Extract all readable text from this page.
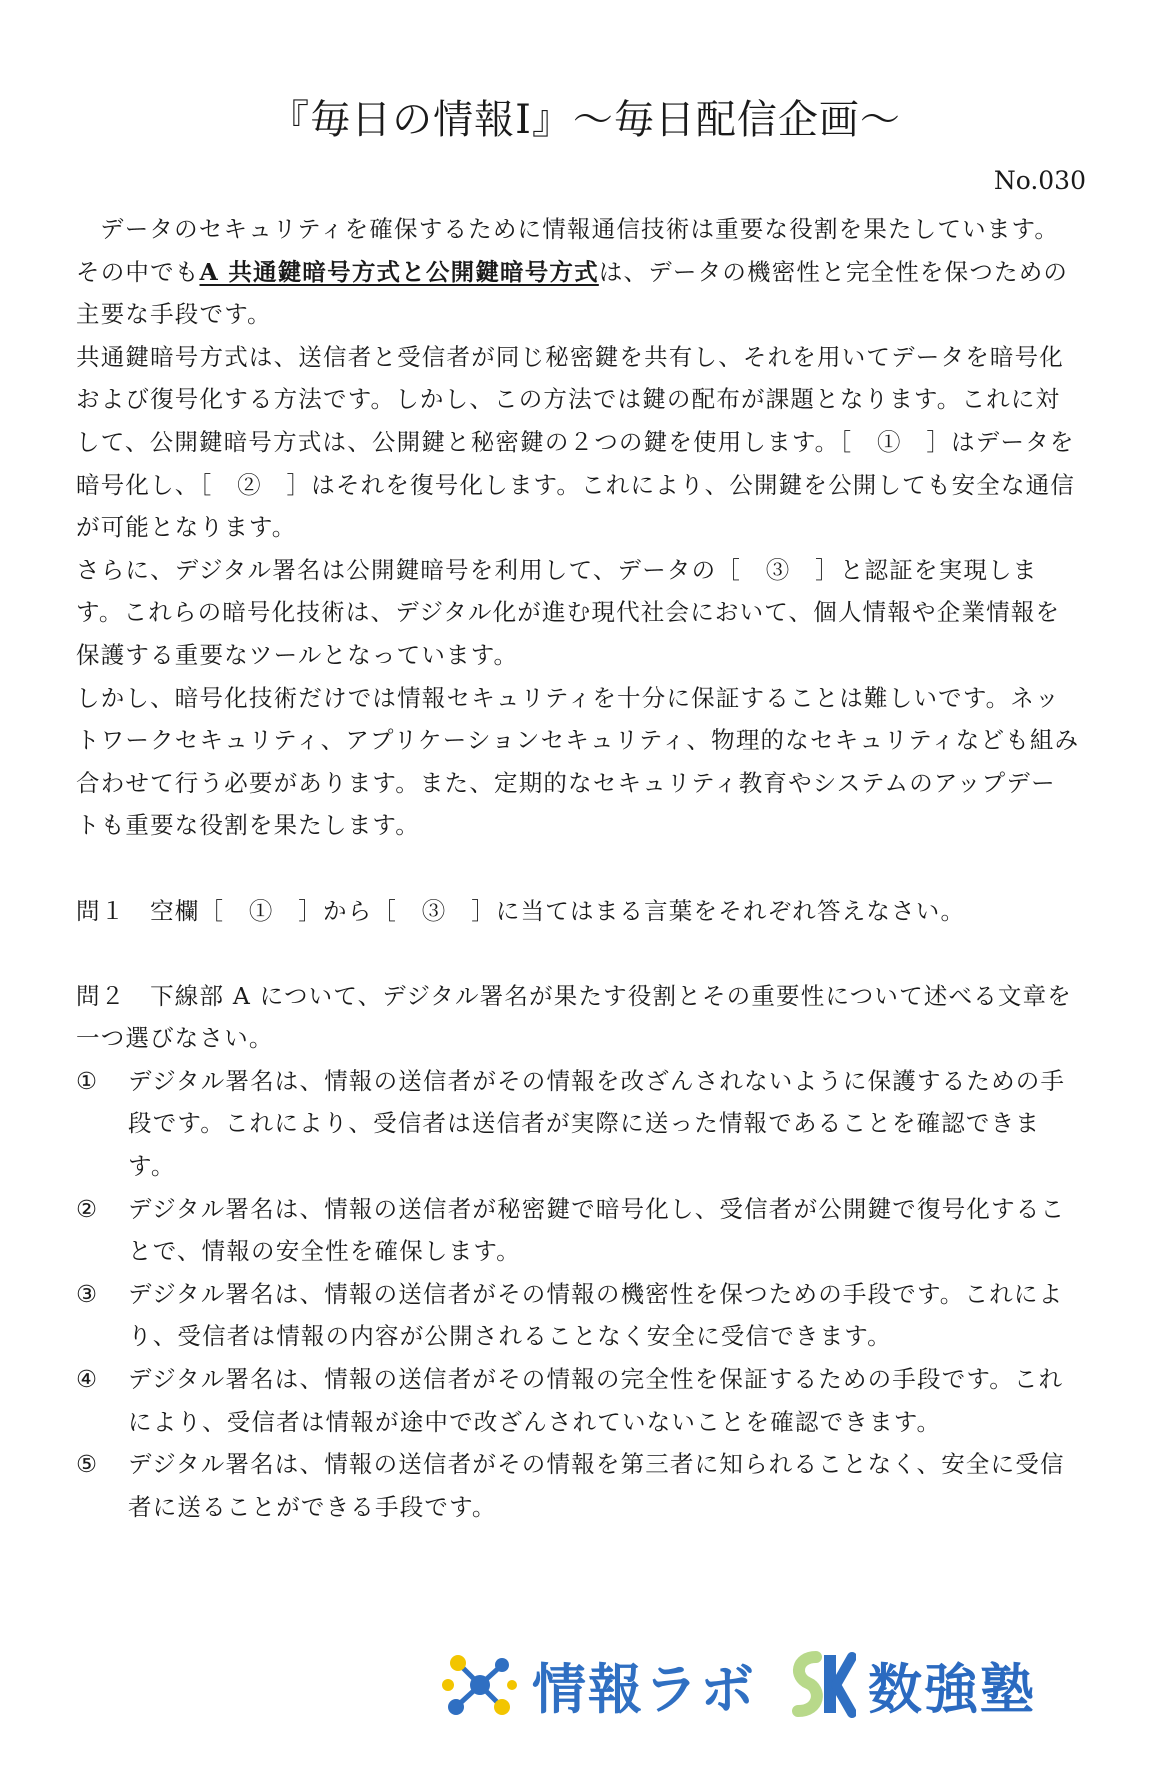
『毎日の情報Ⅰ』〜毎日配信企画〜
No.030

データのセキュリティを確保するために情報通信技術は重要な役割を果たしています。その中でもA 共通鍵暗号方式と公開鍵暗号方式は、データの機密性と完全性を保つための主要な手段です。

共通鍵暗号方式は、送信者と受信者が同じ秘密鍵を共有し、それを用いてデータを暗号化および復号化する方法です。しかし、この方法では鍵の配布が課題となります。これに対して、公開鍵暗号方式は、公開鍵と秘密鍵の２つの鍵を使用します。［　①　］はデータを暗号化し、［　②　］はそれを復号化します。これにより、公開鍵を公開しても安全な通信が可能となります。

さらに、デジタル署名は公開鍵暗号を利用して、データの［　③　］と認証を実現します。これらの暗号化技術は、デジタル化が進む現代社会において、個人情報や企業情報を保護する重要なツールとなっています。

しかし、暗号化技術だけでは情報セキュリティを十分に保証することは難しいです。ネットワークセキュリティ、アプリケーションセキュリティ、物理的なセキュリティなども組み合わせて行う必要があります。また、定期的なセキュリティ教育やシステムのアップデートも重要な役割を果たします。

問１　空欄［　①　］から［　③　］に当てはまる言葉をそれぞれ答えなさい。

問２　下線部 A について、デジタル署名が果たす役割とその重要性について述べる文章を一つ選びなさい。

①	デジタル署名は、情報の送信者がその情報を改ざんされないように保護するための手段です。これにより、受信者は送信者が実際に送った情報であることを確認できます。
②	デジタル署名は、情報の送信者が秘密鍵で暗号化し、受信者が公開鍵で復号化することで、情報の安全性を確保します。
③	デジタル署名は、情報の送信者がその情報の機密性を保つための手段です。これにより、受信者は情報の内容が公開されることなく安全に受信できます。
④	デジタル署名は、情報の送信者がその情報の完全性を保証するための手段です。これにより、受信者は情報が途中で改ざんされていないことを確認できます。
⑤	デジタル署名は、情報の送信者がその情報を第三者に知られることなく、安全に受信者に送ることができる手段です。
情報ラボ 数強塾
